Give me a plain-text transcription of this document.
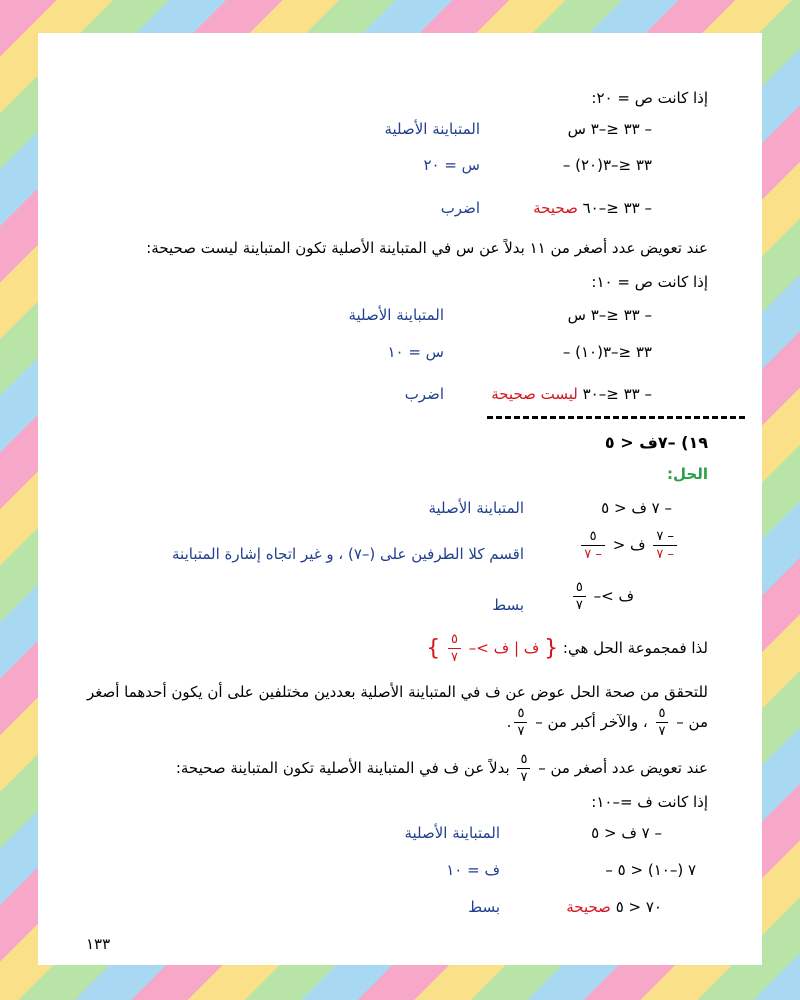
إذا كانت ص = ٢٠:
– ٣٣ ≤–٣ س
المتباينة الأصلية
– ٣٣ ≤–٣(٢٠)
س = ٢٠
– ٣٣ ≤–٦٠ صحيحة
اضرب
عند تعويض عدد أصغر من ١١ بدلاً عن س في المتباينة الأصلية تكون المتباينة ليست صحيحة:
إذا كانت ص = ١٠:
– ٣٣ ≤–٣ س
المتباينة الأصلية
– ٣٣ ≤–٣(١٠)
س = ١٠
– ٣٣ ≤–٣٠ ليست صحيحة
اضرب
١٩) –٧ف < ٥
الحل:
– ٧ ف < ٥
المتباينة الأصلية
$\frac{- ٧}{- ٧}$
ف <
$\frac{٥}{- ٧}$
اقسم كلا الطرفين على (–٧) ، و غير اتجاه إشارة المتباينة
ف >–
$\frac{٥}{٧}$
بسط
لذا فمجموعة الحل هي: { ف | ف >–
$\frac{٥}{٧}$
}
للتحقق من صحة الحل عوض عن ف في المتباينة الأصلية بعددين مختلفين على أن يكون أحدهما أصغر
من –
$\frac{٥}{٧}$
، والآخر أكبر من –
$\frac{٥}{٧}$
.
عند تعويض عدد أصغر من –
$\frac{٥}{٧}$
بدلاً عن ف في المتباينة الأصلية تكون المتباينة صحيحة:
إذا كانت ف =–١٠:
– ٧ ف < ٥
المتباينة الأصلية
– ٧ (–١٠) < ٥
ف = ١٠
٧٠ < ٥ صحيحة
بسط
١٣٣
